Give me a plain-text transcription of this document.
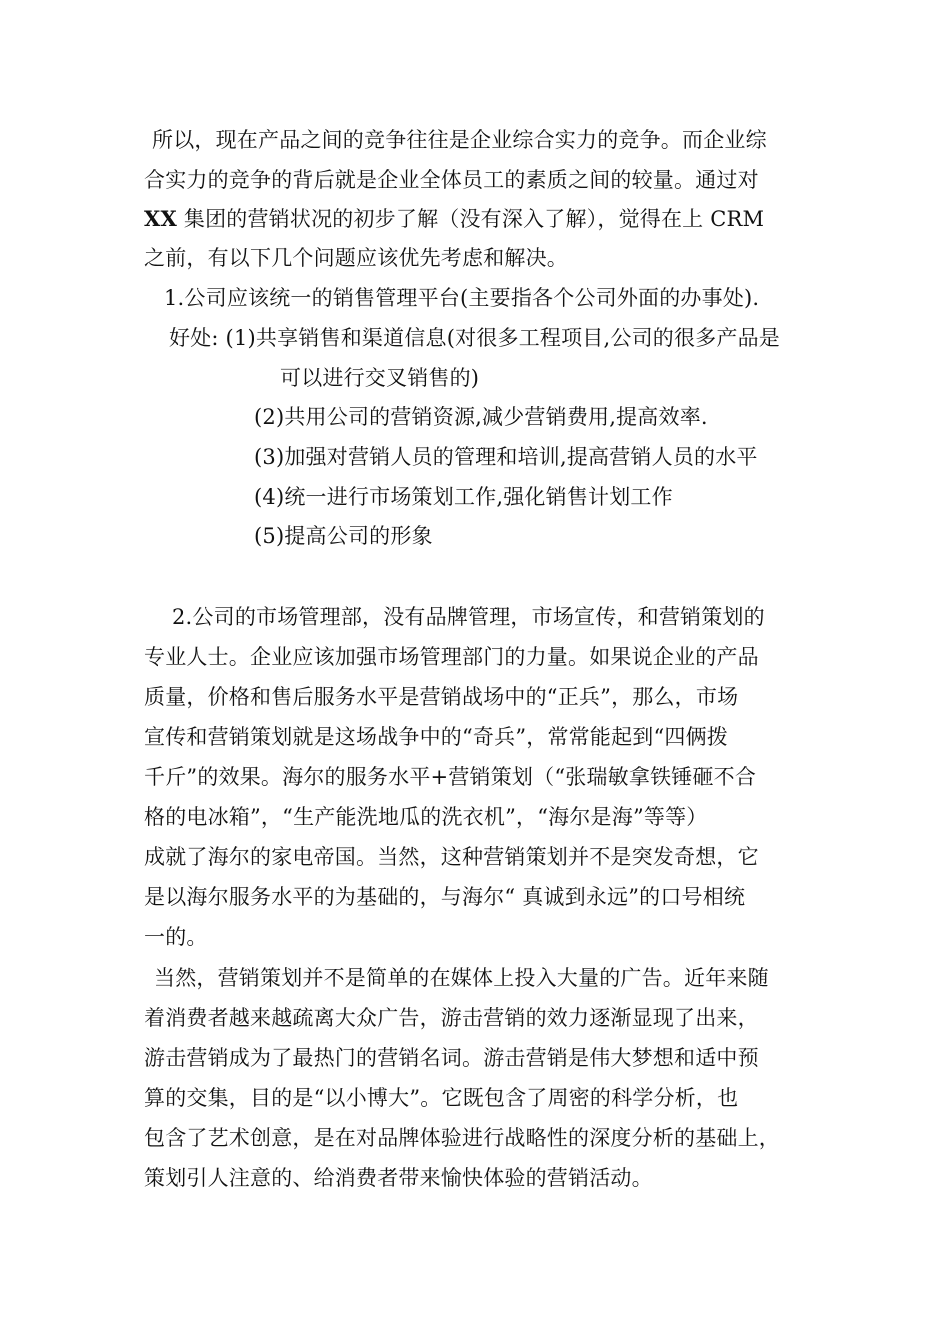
所以，现在产品之间的竞争往往是企业综合实力的竞争。而企业综
合实力的竞争的背后就是企业全体员工的素质之间的较量。通过对
XX 集团的营销状况的初步了解（没有深入了解），觉得在上 CRM
之前，有以下几个问题应该优先考虑和解决。
1.公司应该统一的销售管理平台(主要指各个公司外面的办事处).
好处: (1)共享销售和渠道信息(对很多工程项目,公司的很多产品是
可以进行交叉销售的)
(2)共用公司的营销资源,减少营销费用,提高效率.
(3)加强对营销人员的管理和培训,提高营销人员的水平
(4)统一进行市场策划工作,强化销售计划工作
(5)提高公司的形象
2.公司的市场管理部，没有品牌管理，市场宣传，和营销策划的
专业人士。企业应该加强市场管理部门的力量。如果说企业的产品
质量，价格和售后服务水平是营销战场中的“正兵”，那么，市场
宣传和营销策划就是这场战争中的“奇兵”，常常能起到“四俩拨
千斤”的效果。海尔的服务水平+营销策划（“张瑞敏拿铁锤砸不合
格的电冰箱”，“生产能洗地瓜的洗衣机”，“海尔是海”等等）
成就了海尔的家电帝国。当然，这种营销策划并不是突发奇想，它
是以海尔服务水平的为基础的，与海尔“ 真诚到永远”的口号相统
一的。
当然，营销策划并不是简单的在媒体上投入大量的广告。近年来随
着消费者越来越疏离大众广告，游击营销的效力逐渐显现了出来，
游击营销成为了最热门的营销名词。游击营销是伟大梦想和适中预
算的交集，目的是“以小博大”。它既包含了周密的科学分析，也
包含了艺术创意，是在对品牌体验进行战略性的深度分析的基础上，
策划引人注意的、给消费者带来愉快体验的营销活动。
